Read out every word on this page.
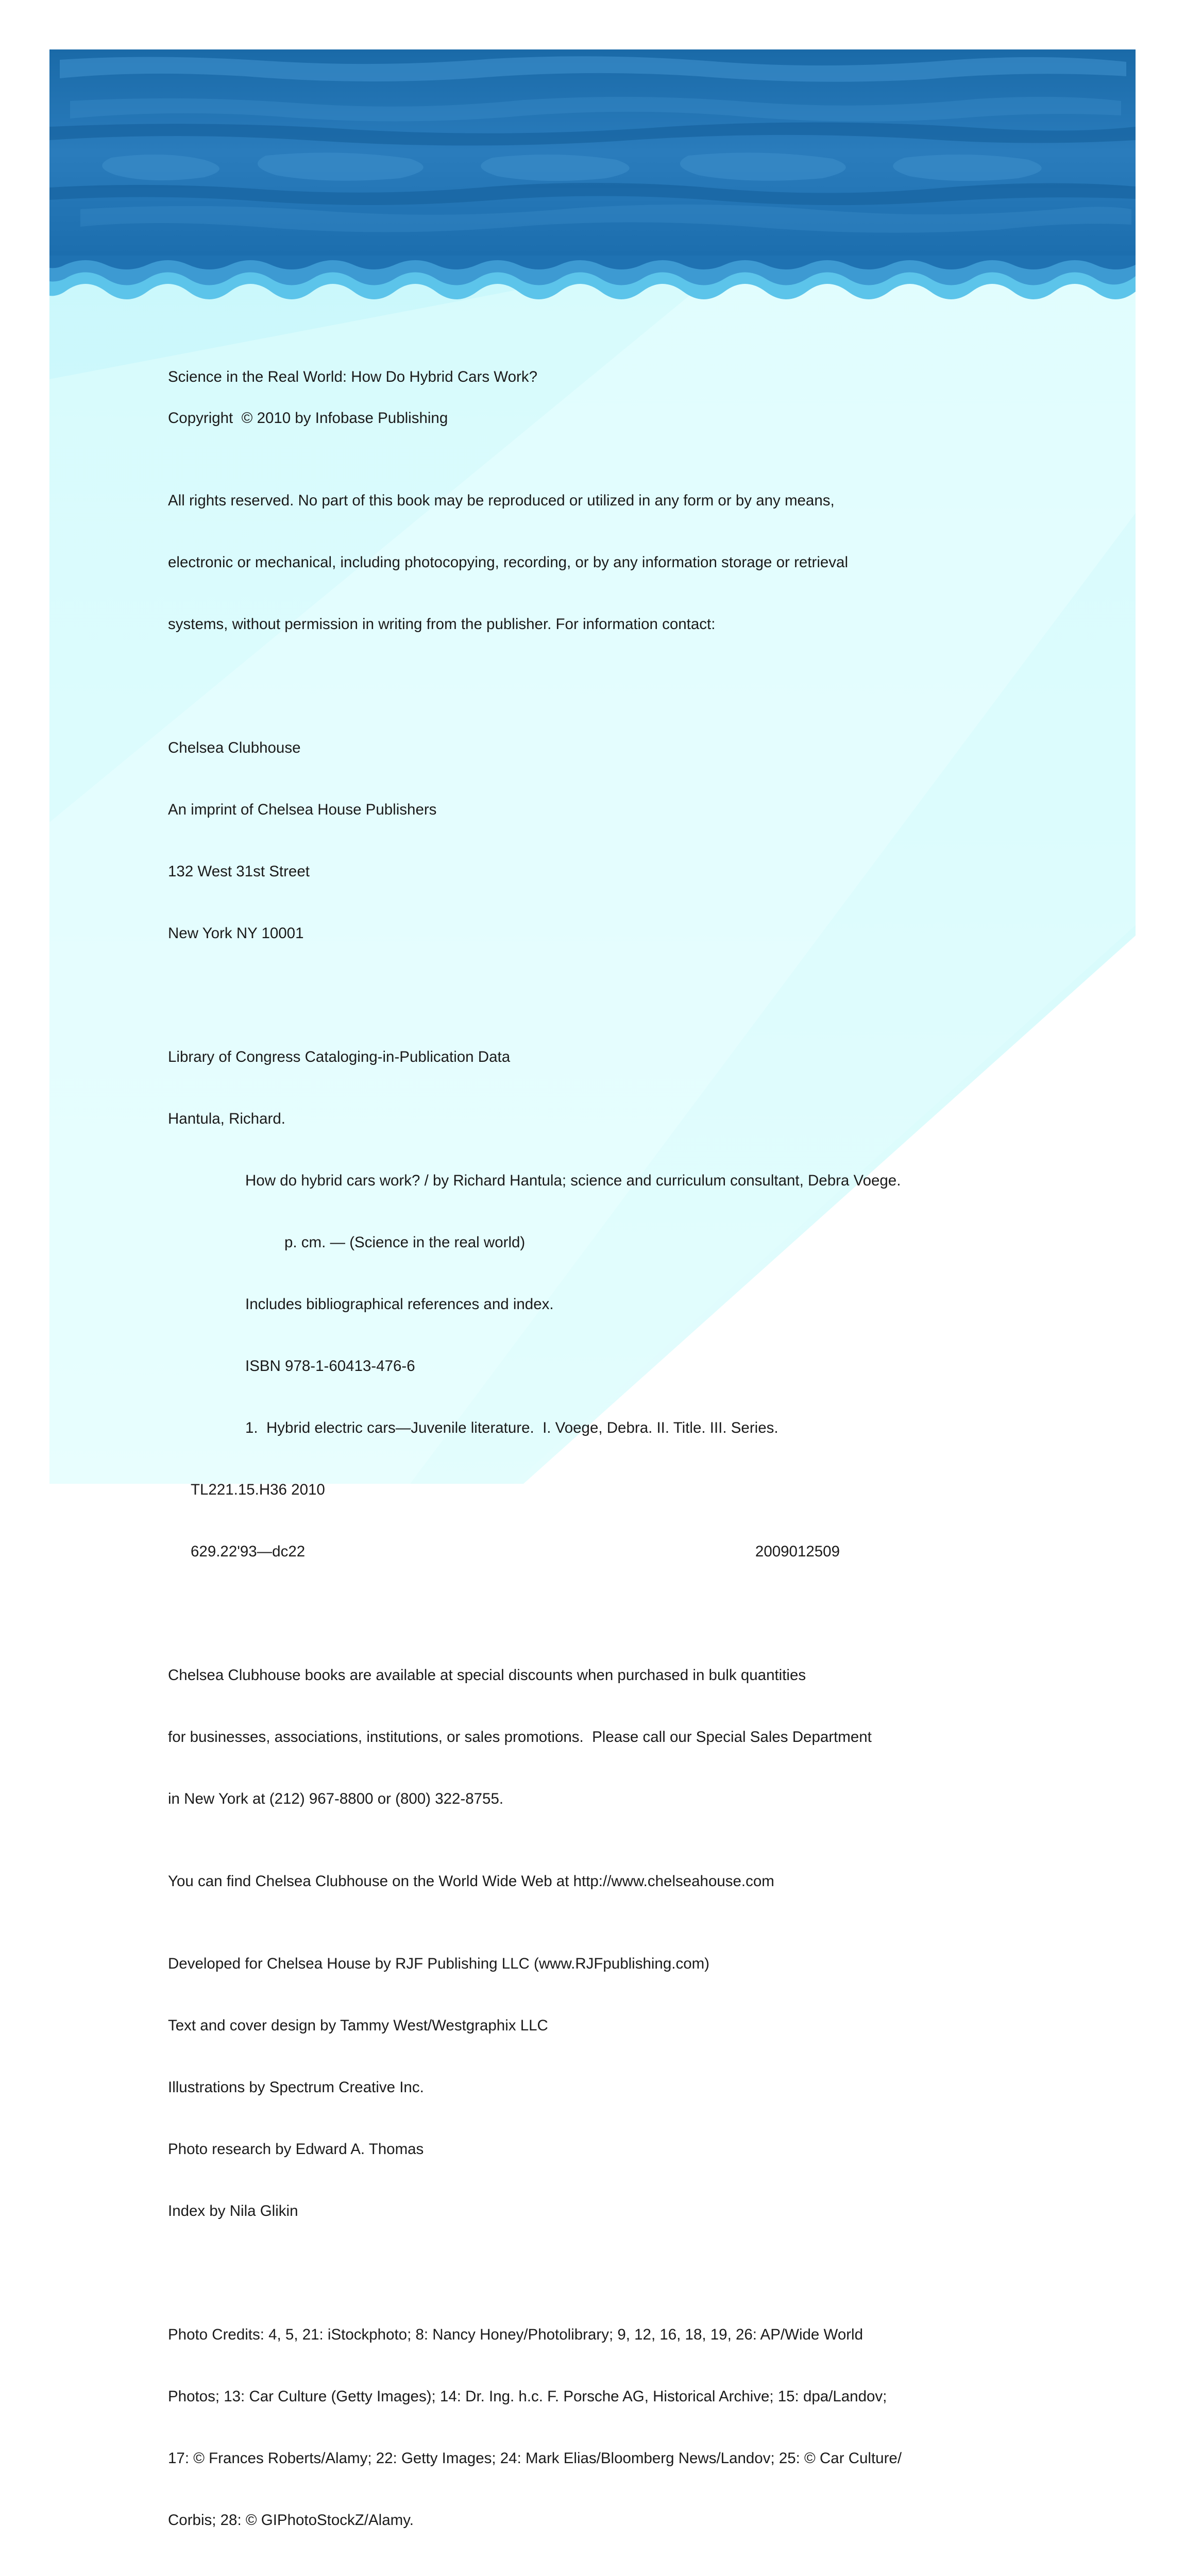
Science in the Real World: How Do Hybrid Cars Work?

Copyright  © 2010 by Infobase Publishing

All rights reserved. No part of this book may be reproduced or utilized in any form or by any means,

electronic or mechanical, including photocopying, recording, or by any information storage or retrieval

systems, without permission in writing from the publisher. For information contact:

Chelsea Clubhouse

An imprint of Chelsea House Publishers

132 West 31st Street

New York NY 10001

Library of Congress Cataloging-in-Publication Data

Hantula, Richard.

How do hybrid cars work? / by Richard Hantula; science and curriculum consultant, Debra Voege.

p. cm. — (Science in the real world)

Includes bibliographical references and index.

ISBN 978-1-60413-476-6

1.  Hybrid electric cars—Juvenile literature.  I. Voege, Debra. II. Title. III. Series.

TL221.15.H36 2010

629.22'93—dc22	2009012509

Chelsea Clubhouse books are available at special discounts when purchased in bulk quantities

for businesses, associations, institutions, or sales promotions.  Please call our Special Sales Department

in New York at (212) 967-8800 or (800) 322-8755.

You can find Chelsea Clubhouse on the World Wide Web at http://www.chelseahouse.com

Developed for Chelsea House by RJF Publishing LLC (www.RJFpublishing.com)

Text and cover design by Tammy West/Westgraphix LLC

Illustrations by Spectrum Creative Inc.

Photo research by Edward A. Thomas

Index by Nila Glikin

Photo Credits: 4, 5, 21: iStockphoto; 8: Nancy Honey/Photolibrary; 9, 12, 16, 18, 19, 26: AP/Wide World

Photos; 13: Car Culture (Getty Images); 14: Dr. Ing. h.c. F. Porsche AG, Historical Archive; 15: dpa/Landov;

17: © Frances Roberts/Alamy; 22: Getty Images; 24: Mark Elias/Bloomberg News/Landov; 25: © Car Culture/

Corbis; 28: © GIPhotoStockZ/Alamy.
